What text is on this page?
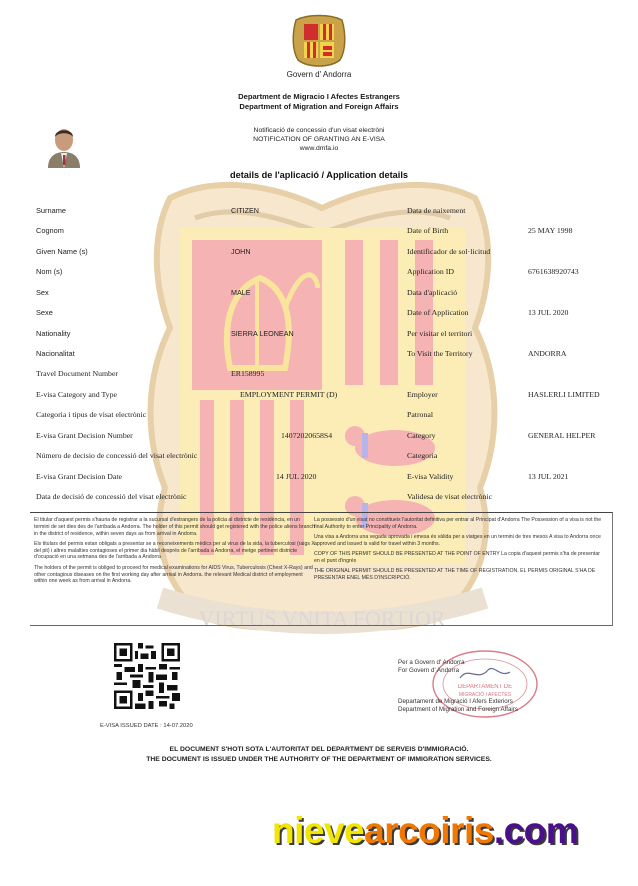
VIRTUS VNITA FORTIOR
Govern d' Andorra
Department de Migracio I Afectes Estrangers
Department of Migration and Foreign Affairs
Notificació de concessio d'un visat electròni
NOTIFICATION OF GRANTING AN E-VISA
www.dmfa.io
details de l'aplicació / Application details
Surname	CITIZEN
Cognom
Given Name (s)	JOHN
Nom (s)
Sex	MALE
Sexe
Nationality	SIERRA LEONEAN
Nacionalitat
Travel Document Number	ER158995
E-visa Category and Type	EMPLOYMENT PERMIT (D)
Categoria i tipus de visat electrònic
E-visa Grant Decision Number	14072020658S4
Número de decisio de concessió del visat electrònic
E-visa Grant Decision Date	14 JUL 2020
Data de decisió de concessió del visat electrònic
Data de naixement
Date of Birth	25 MAY 1998
Identificador de sol·licitud
Application ID	6761638920743
Data d'aplicació
Date of Application	13 JUL 2020
Per visitar el territori
To Visit the Territory	ANDORRA
Employer	HASLERLI LIMITED
Patronal
Category	GENERAL HELPER
Categoria
E-visa Validity	13 JUL 2021
Validesa de visat electrònic

El titular d'aquest permis s'hauria de registrar a la sucursal d'estrangers de la policia al districte de residència, en un termini de set dies des de l'arribada a Andorra. The holder of this permit should get registered with the police aliens branch in the district of residence, within seven days as from arrival in Andorra.

Els titulars del permis estan obligats a presentar se a reconeixements mèdics per al virus de la sida, la tuberculosi (raigs X del pit) i altres malalties contagioses el primer dia hàbil després de l'arribada a Andorra, el metge pertinent districte d'ocupació en una setmana des de l'arribada a Andorra

The holders of the permit is obliged to proceed for medical examinations for AIDS Virus, Tuberculosis (Chest X-Rays) and other contagious diseases on the first working day after arrival in Andorra. the relevant Medical district of employment within one week as from arrival in Andorra.

La possessio d'un visat no constitueix l'autoritat definitiva per entrar al Principat d'Andorra The Possession of a visa is not the final Authority to enter Principality of Andorra.

Una visa a Andorra una vegada aprovada i emesa és vàlida per a viatges en un termini de tres mesos A visa to Andorra once approved and issued is valid for travel within 3 months.

COPY OF THIS PERMIT SHOULD BE PRESENTED AT THE POINT OF ENTRY La copia d'aquest permis s'ha de presentar en el punt d'ingrés

THE ORIGINAL PERMIT SHOULD BE PRESENTED AT THE TIME OF REGISTRATION. EL PERMIS ORIGINAL S'HA DE PRESENTAR ENEL MÉS D'INSCRIPCIÓ.

E-VISA ISSUED DATE : 14-07.2020
DEPARTAMENT DE
MIGRACIÓ I AFECTES
Per a Govern d' Andorra
For Govern d' Andorra
Departament de Migració I Afers Exteriors
Department of Migration and Foreign Affairs
EL DOCUMENT S'HOTI SOTA L'AUTORITAT DEL DEPARTMENT DE SERVEIS D'IMMIGRACIÓ.
THE DOCUMENT IS ISSUED UNDER THE AUTHORITY OF THE DEPARTMENT OF IMMIGRATION SERVICES.
nievearcoiris.com
